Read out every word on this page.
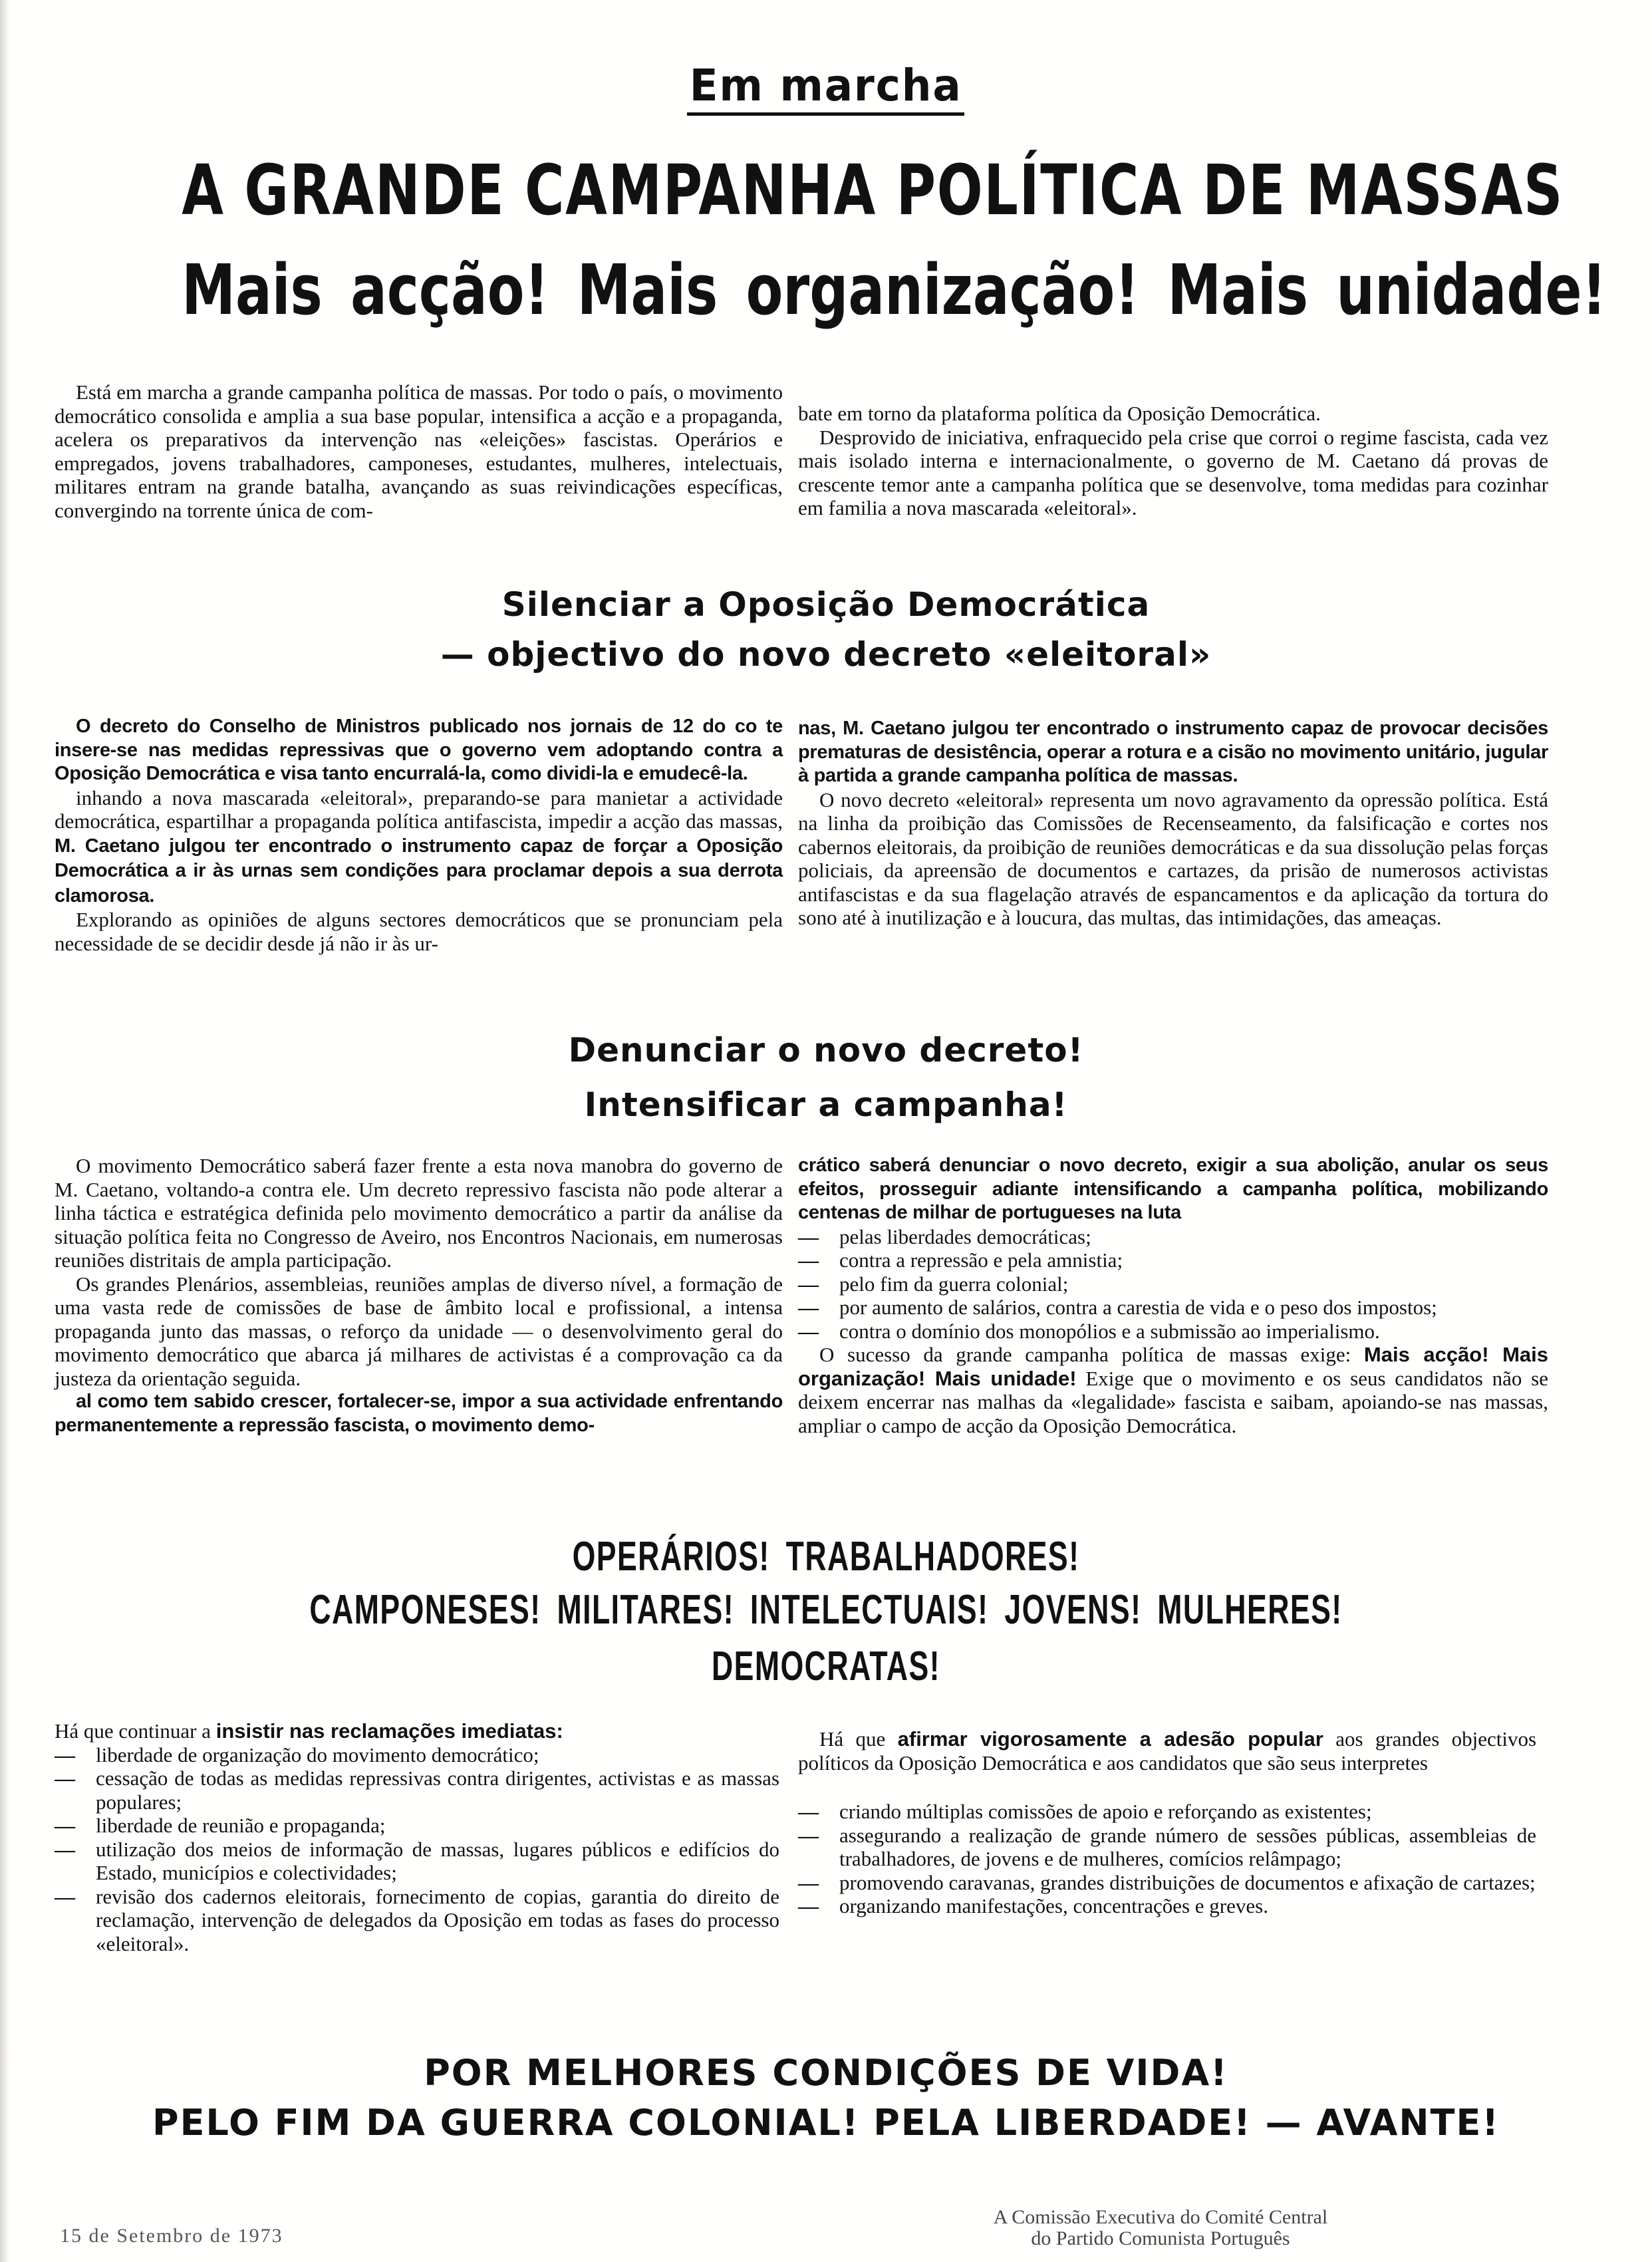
Em marcha
A GRANDE CAMPANHA POLÍTICA DE MASSAS
Mais acção! Mais organização! Mais unidade!

Está em marcha a grande campanha política de massas. Por todo o país, o movimento democrático consolida e amplia a sua base popular, intensifica a acção e a propaganda, acelera os preparativos da intervenção nas «eleições» fascistas. Operários e empregados, jovens trabalhadores, camponeses, estudantes, mulheres, intelectuais, militares entram na grande batalha, avançando as suas reivindicações específicas, convergindo na torrente única de com-

bate em torno da plataforma política da Oposição Democrática.

Desprovido de iniciativa, enfraquecido pela crise que corroi o regime fascista, cada vez mais isolado interna e internacionalmente, o governo de M. Caetano dá provas de crescente temor ante a campanha política que se desenvolve, toma medidas para cozinhar em familia a nova mascarada «eleitoral».

Silenciar a Oposição Democrática
— objectivo do novo decreto «eleitoral»

O decreto do Conselho de Ministros publicado nos jornais de 12 do co te insere-se nas medidas repressivas que o governo vem adoptando contra a Oposição Democrática e visa tanto encurralá-la, como dividi-la e emudecê-la.

inhando a nova mascarada «eleitoral», preparando-se para manietar a actividade democrática, espartilhar a propaganda política antifascista, impedir a acção das massas, M. Caetano julgou ter encontrado o instrumento capaz de forçar a Oposição Democrática a ir às urnas sem condições para proclamar depois a sua derrota clamorosa.

Explorando as opiniões de alguns sectores democráticos que se pronunciam pela necessidade de se decidir desde já não ir às ur-

nas, M. Caetano julgou ter encontrado o instrumento capaz de provocar decisões prematuras de desistência, operar a rotura e a cisão no movimento unitário, jugular à partida a grande campanha política de massas.

O novo decreto «eleitoral» representa um novo agravamento da opressão política. Está na linha da proibição das Comissões de Recenseamento, da falsificação e cortes nos cabernos eleitorais, da proibição de reuniões democráticas e da sua dissolução pelas forças policiais, da apreensão de documentos e cartazes, da prisão de numerosos activistas antifascistas e da sua flagelação através de espancamentos e da aplicação da tortura do sono até à inutilização e à loucura, das multas, das intimidações, das ameaças.

Denunciar o novo decreto!
Intensificar a campanha!

O movimento Democrático saberá fazer frente a esta nova manobra do governo de M. Caetano, voltando-a contra ele. Um decreto repressivo fascista não pode alterar a linha táctica e estratégica definida pelo movimento democrático a partir da análise da situação política feita no Congresso de Aveiro, nos Encontros Nacionais, em numerosas reuniões distritais de ampla participação.

Os grandes Plenários, assembleias, reuniões amplas de diverso nível, a formação de uma vasta rede de comissões de base de âmbito local e profissional, a intensa propaganda junto das massas, o reforço da unidade — o desenvolvimento geral do movimento democrático que abarca já milhares de activistas é a comprovação ca da justeza da orientação seguida.

al como tem sabido crescer, fortalecer-se, impor a sua actividade enfrentando permanentemente a repressão fascista, o movimento demo-

crático saberá denunciar o novo decreto, exigir a sua abolição, anular os seus efeitos, prosseguir adiante intensificando a campanha política, mobilizando centenas de milhar de portugueses na luta

— pelas liberdades democráticas;
— contra a repressão e pela amnistia;
— pelo fim da guerra colonial;
— por aumento de salários, contra a carestia de vida e o peso dos impostos;
— contra o domínio dos monopólios e a submissão ao imperialismo.

O sucesso da grande campanha política de massas exige: Mais acção! Mais organização! Mais unidade! Exige que o movimento e os seus candidatos não se deixem encerrar nas malhas da «legalidade» fascista e saibam, apoiando-se nas massas, ampliar o campo de acção da Oposição Democrática.

OPERÁRIOS! TRABALHADORES!
CAMPONESES! MILITARES! INTELECTUAIS! JOVENS! MULHERES!
DEMOCRATAS!

Há que continuar a insistir nas reclamações imediatas:

— liberdade de organização do movimento democrático;
— cessação de todas as medidas repressivas contra dirigentes, activistas e as massas populares;
— liberdade de reunião e propaganda;
— utilização dos meios de informação de massas, lugares públicos e edifícios do Estado, municípios e colectividades;
— revisão dos cadernos eleitorais, fornecimento de copias, garantia do direito de reclamação, intervenção de delegados da Oposição em todas as fases do processo «eleitoral».

Há que afirmar vigorosamente a adesão popular aos grandes objectivos políticos da Oposição Democrática e aos candidatos que são seus interpretes

— criando múltiplas comissões de apoio e reforçando as existentes;
— assegurando a realização de grande número de sessões públicas, assembleias de trabalhadores, de jovens e de mulheres, comícios relâmpago;
— promovendo caravanas, grandes distribuições de documentos e afixação de cartazes;
— organizando manifestações, concentrações e greves.
POR MELHORES CONDIÇÕES DE VIDA!
PELO FIM DA GUERRA COLONIAL! PELA LIBERDADE! — AVANTE!
15 de Setembro de 1973
A Comissão Executiva do Comité Central
do Partido Comunista Português
